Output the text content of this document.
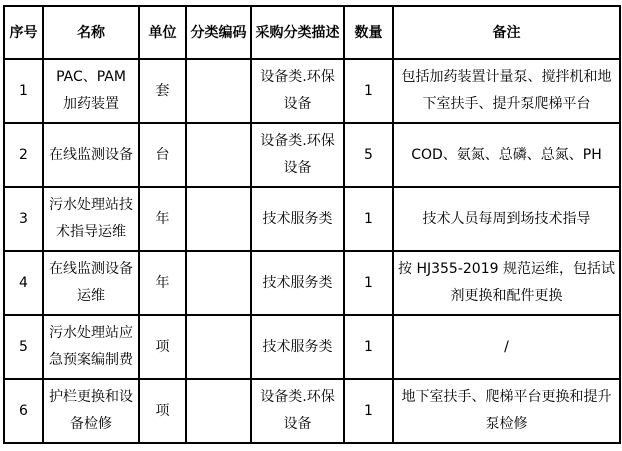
序号	名称	单位	分类编码	采购分类描述	数量	备注
1	PAC、PAM 加药装置	套		设备类.环保设备	1	包括加药装置计量泵、搅拌机和地下室扶手、提升泵爬梯平台
2	在线监测设备	台		设备类.环保设备	5	COD、氨氮、总磷、总氮、PH
3	污水处理站技术指导运维	年		技术服务类	1	技术人员每周到场技术指导
4	在线监测设备运维	年		技术服务类	1	按 HJ355-2019 规范运维，包括试剂更换和配件更换
5	污水处理站应急预案编制费	项		技术服务类	1	/
6	护栏更换和设备检修	项		设备类.环保设备	1	地下室扶手、爬梯平台更换和提升泵检修
